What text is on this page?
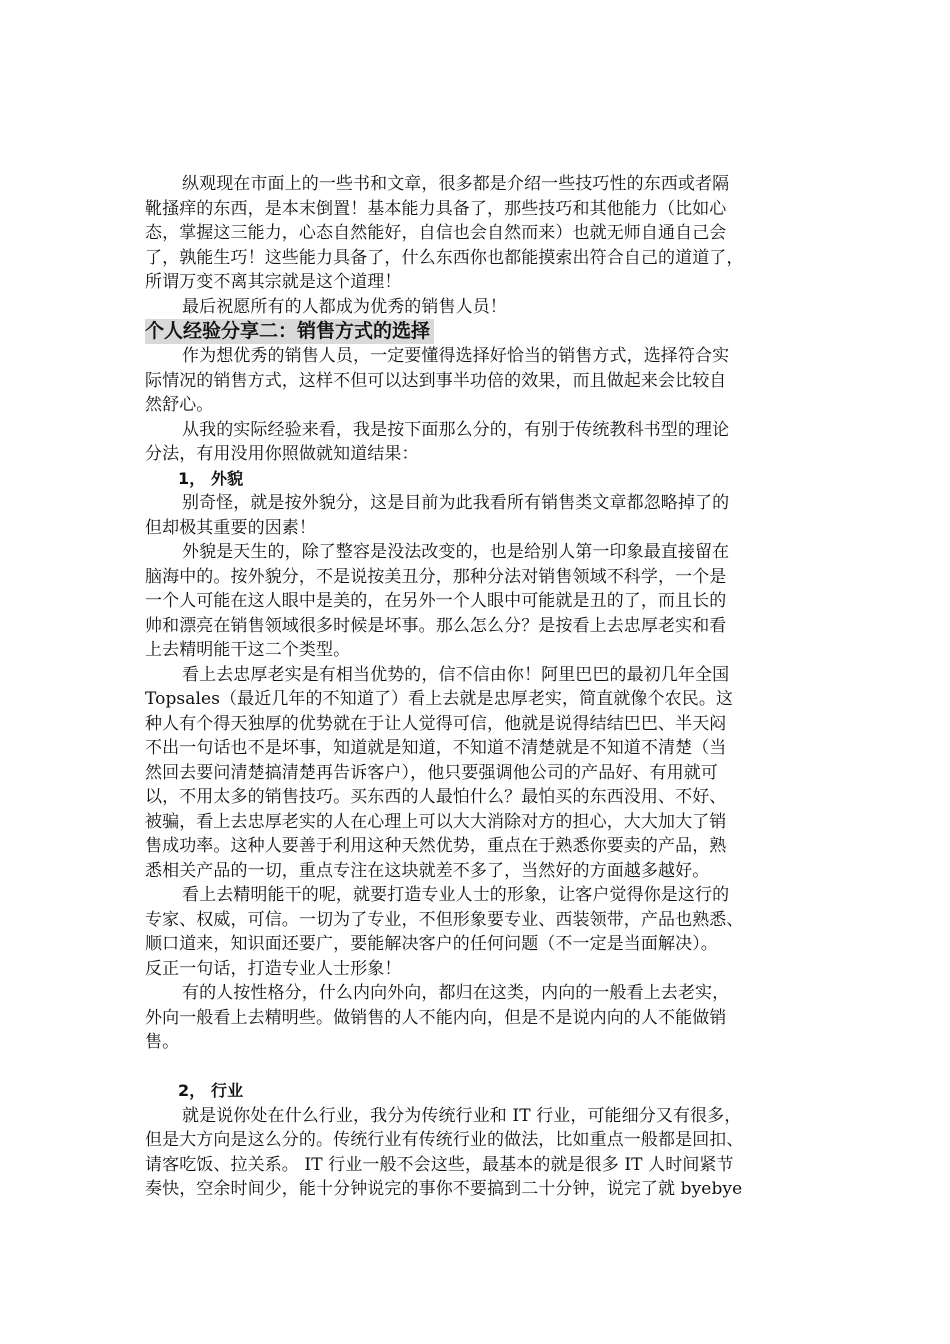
纵观现在市面上的一些书和文章，很多都是介绍一些技巧性的东西或者隔
靴搔痒的东西，是本末倒置！基本能力具备了，那些技巧和其他能力（比如心
态，掌握这三能力，心态自然能好，自信也会自然而来）也就无师自通自己会
了，孰能生巧！这些能力具备了，什么东西你也都能摸索出符合自己的道道了，
所谓万变不离其宗就是这个道理！
最后祝愿所有的人都成为优秀的销售人员！
个人经验分享二：销售方式的选择
作为想优秀的销售人员，一定要懂得选择好恰当的销售方式，选择符合实
际情况的销售方式，这样不但可以达到事半功倍的效果，而且做起来会比较自
然舒心。
从我的实际经验来看，我是按下面那么分的，有别于传统教科书型的理论
分法，有用没用你照做就知道结果：
1， 外貌
别奇怪，就是按外貌分，这是目前为此我看所有销售类文章都忽略掉了的
但却极其重要的因素！
外貌是天生的，除了整容是没法改变的，也是给别人第一印象最直接留在
脑海中的。按外貌分，不是说按美丑分，那种分法对销售领域不科学，一个是
一个人可能在这人眼中是美的，在另外一个人眼中可能就是丑的了，而且长的
帅和漂亮在销售领域很多时候是坏事。那么怎么分？是按看上去忠厚老实和看
上去精明能干这二个类型。
看上去忠厚老实是有相当优势的，信不信由你！阿里巴巴的最初几年全国
Topsales（最近几年的不知道了）看上去就是忠厚老实，简直就像个农民。这
种人有个得天独厚的优势就在于让人觉得可信，他就是说得结结巴巴、半天闷
不出一句话也不是坏事，知道就是知道，不知道不清楚就是不知道不清楚（当
然回去要问清楚搞清楚再告诉客户），他只要强调他公司的产品好、有用就可
以，不用太多的销售技巧。买东西的人最怕什么？最怕买的东西没用、不好、
被骗，看上去忠厚老实的人在心理上可以大大消除对方的担心，大大加大了销
售成功率。这种人要善于利用这种天然优势，重点在于熟悉你要卖的产品，熟
悉相关产品的一切，重点专注在这块就差不多了，当然好的方面越多越好。
看上去精明能干的呢，就要打造专业人士的形象，让客户觉得你是这行的
专家、权威，可信。一切为了专业，不但形象要专业、西装领带，产品也熟悉、
顺口道来，知识面还要广，要能解决客户的任何问题（不一定是当面解决）。
反正一句话，打造专业人士形象！
有的人按性格分，什么内向外向，都归在这类，内向的一般看上去老实，
外向一般看上去精明些。做销售的人不能内向，但是不是说内向的人不能做销
售。
2， 行业
就是说你处在什么行业，我分为传统行业和 IT 行业，可能细分又有很多，
但是大方向是这么分的。传统行业有传统行业的做法，比如重点一般都是回扣、
请客吃饭、拉关系。 IT 行业一般不会这些，最基本的就是很多 IT 人时间紧节
奏快，空余时间少，能十分钟说完的事你不要搞到二十分钟，说完了就 byebye
